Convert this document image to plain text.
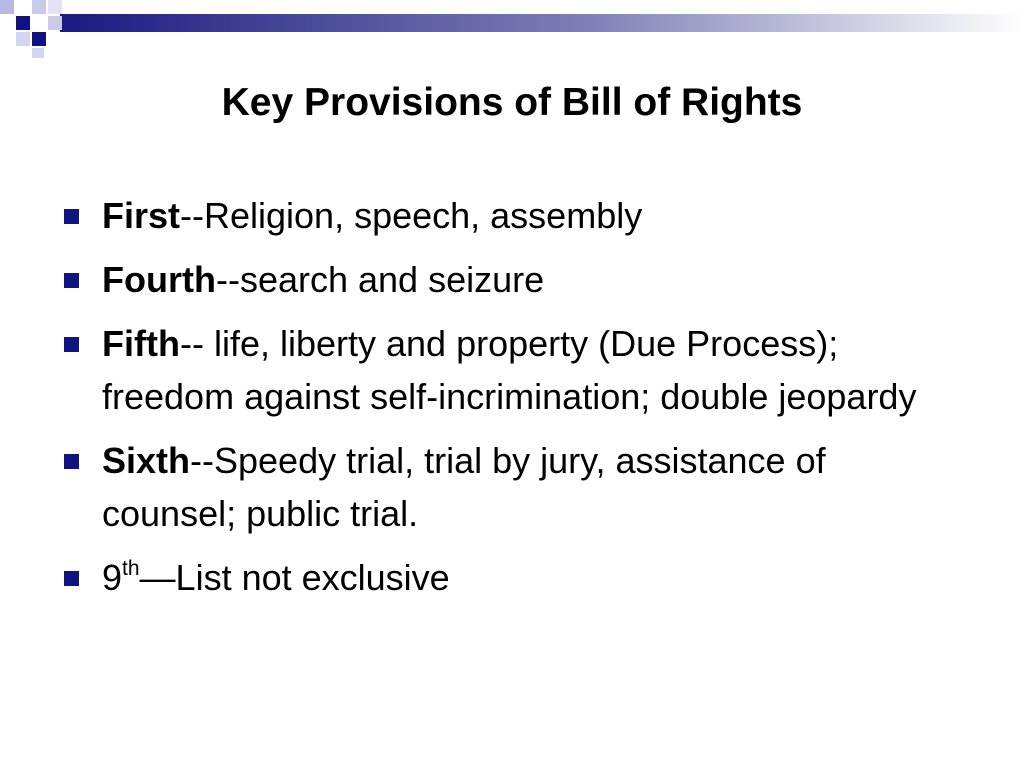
Key Provisions of Bill of Rights
First--Religion, speech, assembly
Fourth--search and seizure
Fifth-- life, liberty and property (Due Process); freedom against self-incrimination; double jeopardy
Sixth--Speedy trial, trial by jury, assistance of counsel; public trial.
9th—List not exclusive
